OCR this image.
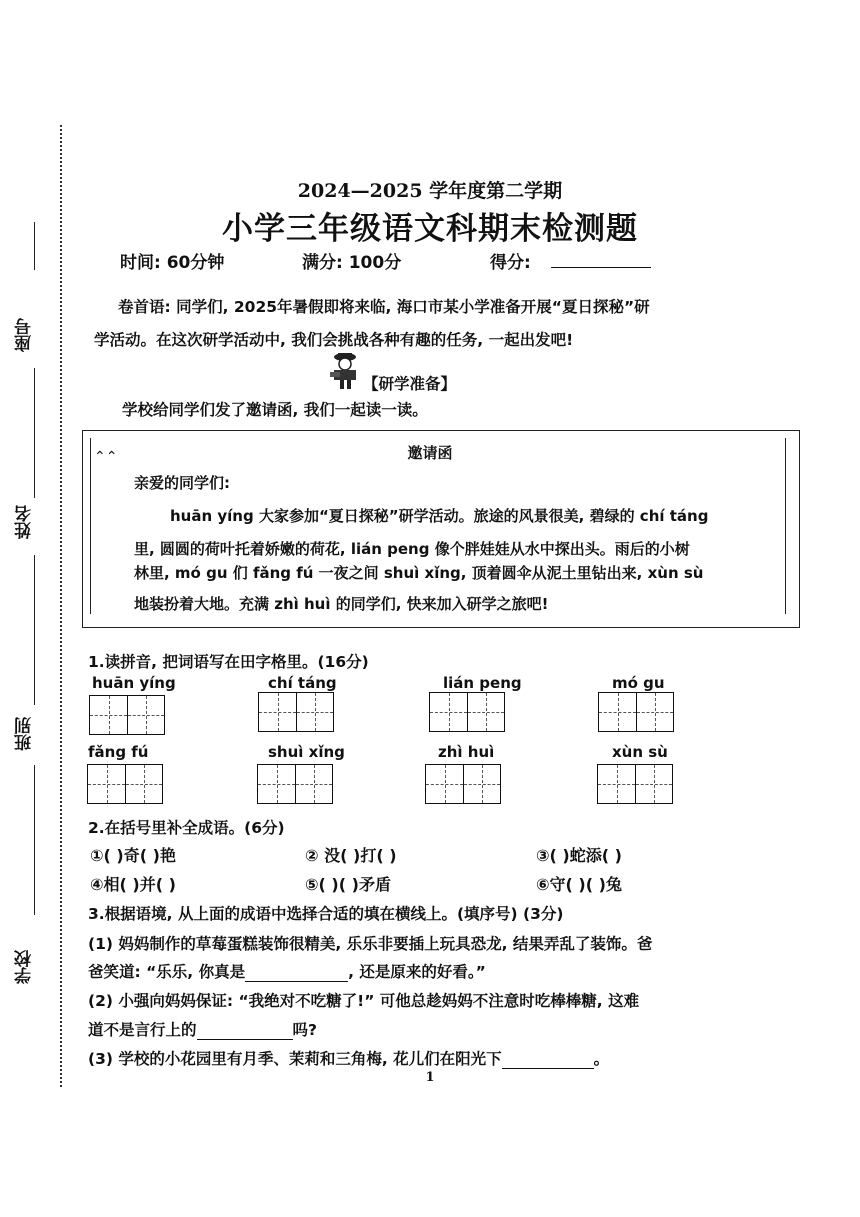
座号
姓名
班别
学校
2024—2025 学年度第二学期
小学三年级语文科期末检测题
时间: 60分钟	满分: 100分	得分:
卷首语: 同学们, 2025年暑假即将来临, 海口市某小学准备开展“夏日探秘”研
学活动。在这次研学活动中, 我们会挑战各种有趣的任务, 一起出发吧!
【研学准备】
学校给同学们发了邀请函, 我们一起读一读。
⌃⌃	邀请函
亲爱的同学们:
huān yíng 大家参加“夏日探秘”研学活动。旅途的风景很美, 碧绿的 chí táng
里, 圆圆的荷叶托着娇嫩的荷花, lián peng 像个胖娃娃从水中探出头。雨后的小树
林里, mó gu 们 fǎng fú 一夜之间 shuì xǐng, 顶着圆伞从泥土里钻出来, xùn sù
地装扮着大地。充满 zhì huì 的同学们, 快来加入研学之旅吧!
1.读拼音, 把词语写在田字格里。(16分)
huān yíng	chí táng	lián peng	mó gu
fǎng fú	shuì xǐng	zhì huì	xùn sù
2.在括号里补全成语。(6分)
①( )奇( )艳	② 没( )打( )	③( )蛇添( )
④相( )并( )	⑤( )( )矛盾	⑥守( )( )兔
3.根据语境, 从上面的成语中选择合适的填在横线上。(填序号) (3分)
(1) 妈妈制作的草莓蛋糕装饰很精美, 乐乐非要插上玩具恐龙, 结果弄乱了装饰。爸
爸笑道: “乐乐, 你真是	, 还是原来的好看。”
(2) 小强向妈妈保证: “我绝对不吃糖了!” 可他总趁妈妈不注意时吃棒棒糖, 这难
道不是言行上的	吗?
(3) 学校的小花园里有月季、茉莉和三角梅, 花儿们在阳光下	。
1
